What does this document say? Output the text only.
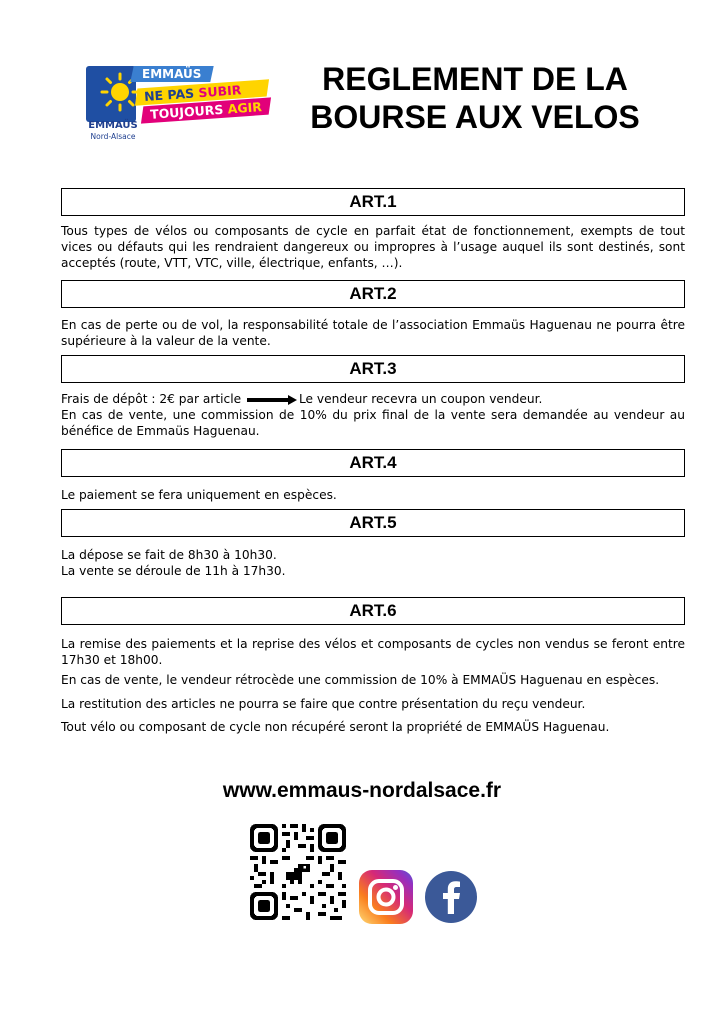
EMMAÜS
NE PAS SUBIR
TOUJOURS AGIR
EMMAÜS
Nord-Alsace
REGLEMENT DE LA
BOURSE AUX VELOS
ART.1
Tous types de vélos ou composants de cycle en parfait état de fonctionnement, exempts de tout vices ou défauts qui les rendraient dangereux ou impropres à l’usage auquel ils sont destinés, sont acceptés (route, VTT, VTC, ville, électrique, enfants, …).
ART.2
En cas de perte ou de vol, la responsabilité totale de l’association Emmaüs Haguenau ne pourra être supérieure à la valeur de la vente.
ART.3
Frais de dépôt : 2€ par article	Le vendeur recevra un coupon vendeur.
En cas de vente, une commission de 10% du prix final de la vente sera demandée au vendeur au bénéfice de Emmaüs Haguenau.
ART.4
Le paiement se fera uniquement en espèces.
ART.5
La dépose se fait de 8h30 à 10h30.
La vente se déroule de 11h à 17h30.
ART.6
La remise des paiements et la reprise des vélos et composants de cycles non vendus se feront entre 17h30 et 18h00.
En cas de vente, le vendeur rétrocède une commission de 10% à EMMAÜS Haguenau en espèces.
La restitution des articles ne pourra se faire que contre présentation du reçu vendeur.
Tout vélo ou composant de cycle non récupéré seront la propriété de EMMAÜS Haguenau.
www.emmaus-nordalsace.fr
